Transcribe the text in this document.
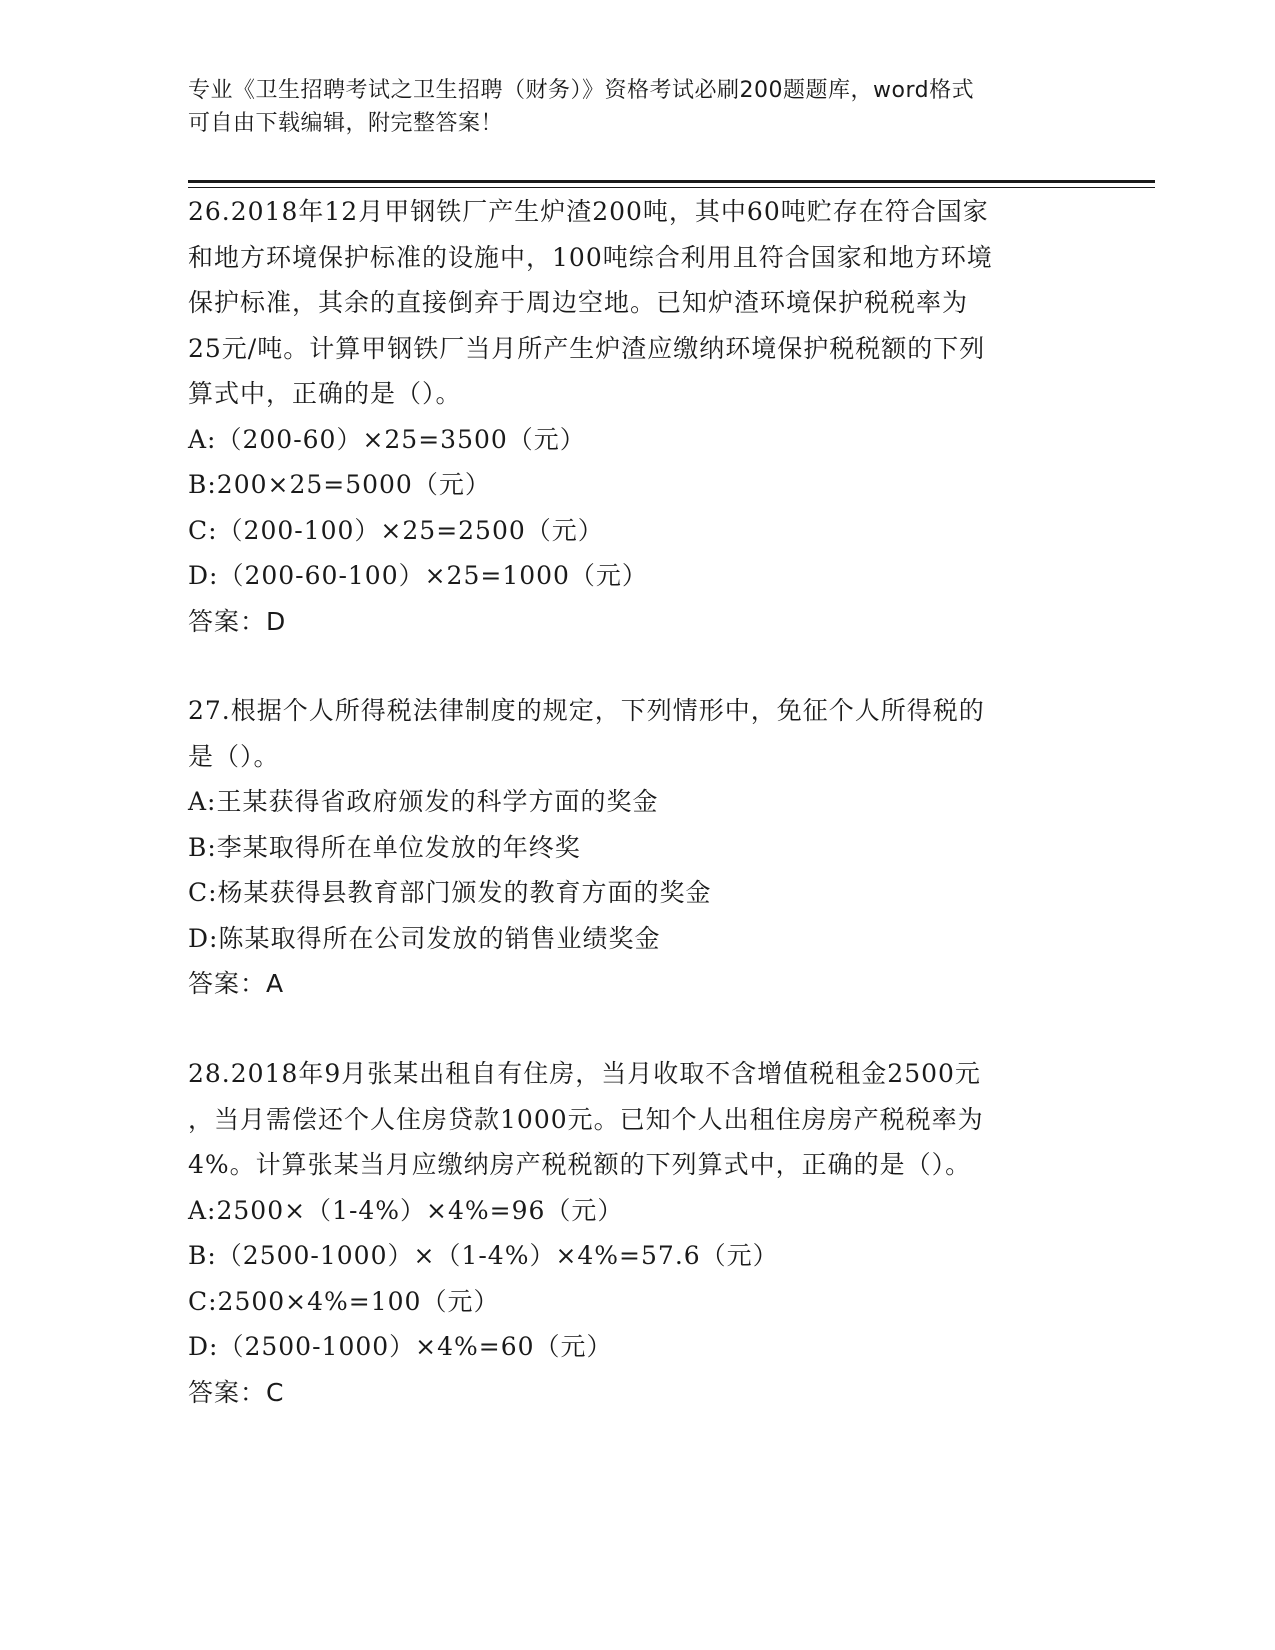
专业《卫生招聘考试之卫生招聘（财务）》资格考试必刷200题题库，word格式
可自由下载编辑，附完整答案！
26.2018年12月甲钢铁厂产生炉渣200吨，其中60吨贮存在符合国家
和地方环境保护标准的设施中，100吨综合利用且符合国家和地方环境
保护标准，其余的直接倒弃于周边空地。已知炉渣环境保护税税率为
25元/吨。计算甲钢铁厂当月所产生炉渣应缴纳环境保护税税额的下列
算式中，正确的是（）。
A:（200-60）×25=3500（元）
B:200×25=5000（元）
C:（200-100）×25=2500（元）
D:（200-60-100）×25=1000（元）
答案：D
27.根据个人所得税法律制度的规定，下列情形中，免征个人所得税的
是（）。
A:王某获得省政府颁发的科学方面的奖金
B:李某取得所在单位发放的年终奖
C:杨某获得县教育部门颁发的教育方面的奖金
D:陈某取得所在公司发放的销售业绩奖金
答案：A
28.2018年9月张某出租自有住房，当月收取不含增值税租金2500元
，当月需偿还个人住房贷款1000元。已知个人出租住房房产税税率为
4%。计算张某当月应缴纳房产税税额的下列算式中，正确的是（）。
A:2500×（1-4%）×4%=96（元）
B:（2500-1000）×（1-4%）×4%=57.6（元）
C:2500×4%=100（元）
D:（2500-1000）×4%=60（元）
答案：C
